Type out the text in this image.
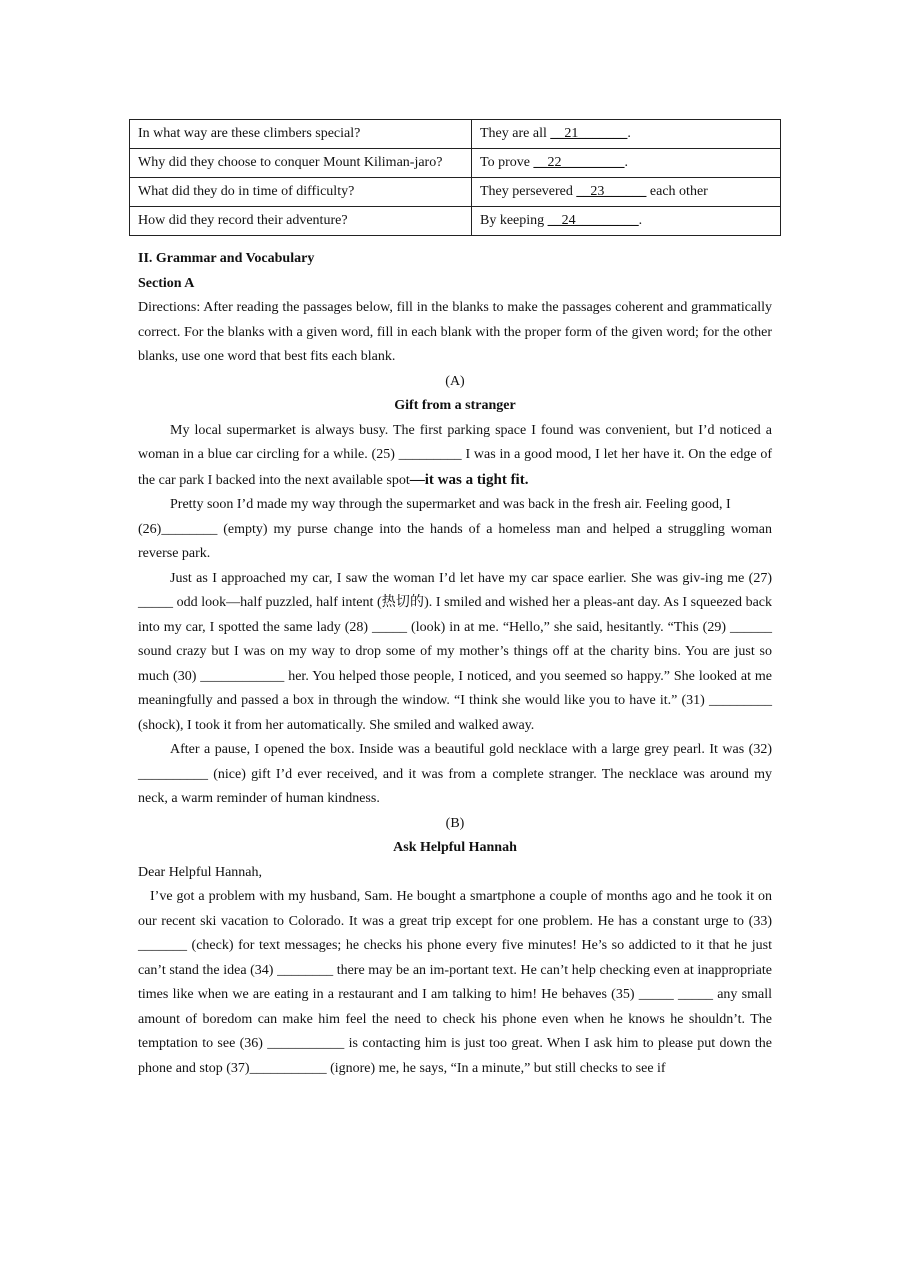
In what way are these climbers special?	They are all __21_______.
Why did they choose to conquer Mount Kiliman-jaro?	To prove __22_________.
What did they do in time of difficulty?	They persevered __23______ each other
How did they record their adventure?	By keeping __24_________.

II. Grammar and Vocabulary

Section A

Directions: After reading the passages below, fill in the blanks to make the passages coherent and grammatically correct. For the blanks with a given word, fill in each blank with the proper form of the given word; for the other blanks, use one word that best fits each blank.

(A)

Gift from a stranger

My local supermarket is always busy. The first parking space I found was convenient, but I’d noticed a woman in a blue car circling for a while. (25) _________ I was in a good mood, I let her have it. On the edge of the car park I backed into the next available spot—it was a tight fit.

Pretty soon I’d made my way through the supermarket and was back in the fresh air. Feeling good, I

(26)________ (empty) my purse change into the hands of a homeless man and helped a struggling woman reverse park.

Just as I approached my car, I saw the woman I’d let have my car space earlier. She was giv-ing me (27) _____ odd look—half puzzled, half intent (热切的). I smiled and wished her a pleas-ant day. As I squeezed back into my car, I spotted the same lady (28) _____ (look) in at me. “Hello,” she said, hesitantly. “This (29) ______ sound crazy but I was on my way to drop some of my mother’s things off at the charity bins. You are just so much (30) ____________ her. You helped those people, I noticed, and you seemed so happy.” She looked at me meaningfully and passed a box in through the window. “I think she would like you to have it.” (31) _________ (shock), I took it from her automatically. She smiled and walked away.

After a pause, I opened the box. Inside was a beautiful gold necklace with a large grey pearl. It was (32) __________ (nice) gift I’d ever received, and it was from a complete stranger. The necklace was around my neck, a warm reminder of human kindness.

(B)

Ask Helpful Hannah

Dear Helpful Hannah,

I’ve got a problem with my husband, Sam. He bought a smartphone a couple of months ago and he took it on our recent ski vacation to Colorado. It was a great trip except for one problem. He has a constant urge to (33) _______ (check) for text messages; he checks his phone every five minutes! He’s so addicted to it that he just can’t stand the idea (34) ________ there may be an im-portant text. He can’t help checking even at inappropriate times like when we are eating in a restaurant and I am talking to him! He behaves (35) _____ _____ any small amount of boredom can make him feel the need to check his phone even when he knows he shouldn’t. The temptation to see (36) ___________ is contacting him is just too great. When I ask him to please put down the phone and stop (37)___________ (ignore) me, he says, “In a minute,” but still checks to see if
